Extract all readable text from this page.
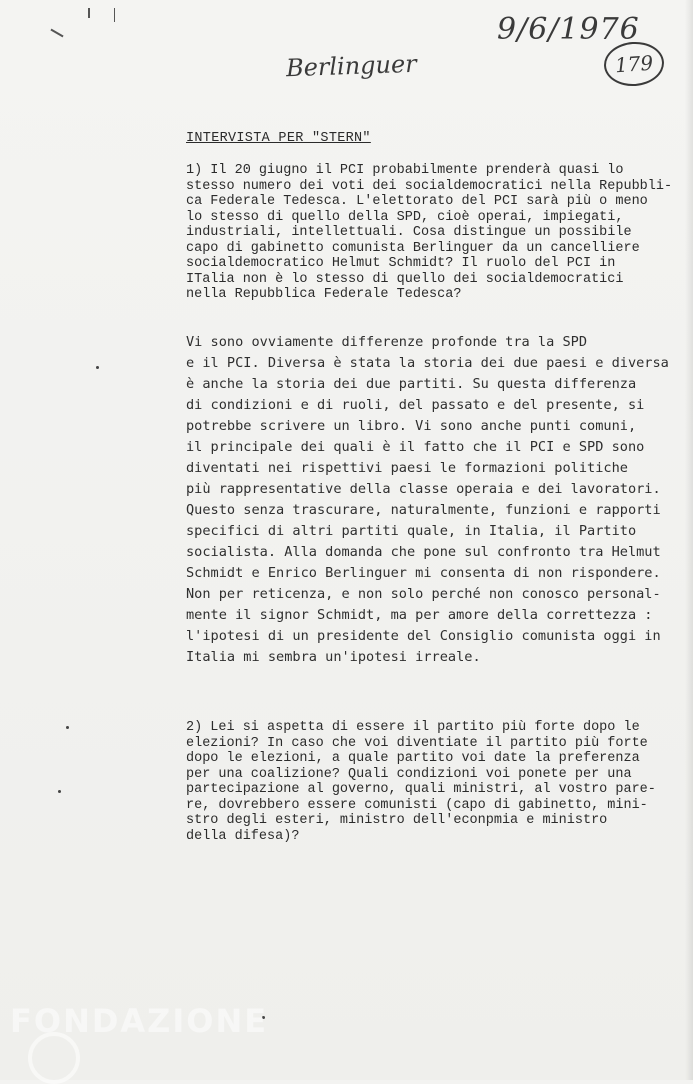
9/6/1976
Berlinguer	179
INTERVISTA PER "STERN"

1) Il 20 giugno il PCI probabilmente prenderà quasi lo
stesso numero dei voti dei socialdemocratici nella Repubbli-
ca Federale Tedesca. L'elettorato del PCI sarà più o meno
lo stesso di quello della SPD, cioè operai, impiegati,
industriali, intellettuali. Cosa distingue un possibile
capo di gabinetto comunista Berlinguer da un cancelliere
socialdemocratico Helmut Schmidt? Il ruolo del PCI in
ITalia non è lo stesso di quello dei socialdemocratici
nella Repubblica Federale Tedesca?

Vi sono ovviamente differenze profonde tra la SPD
e il PCI. Diversa è stata la storia dei due paesi e diversa
è anche la storia dei due partiti. Su questa differenza
di condizioni e di ruoli, del passato e del presente, si
potrebbe scrivere un libro. Vi sono anche punti comuni,
il principale dei quali è il fatto che il PCI e SPD sono
diventati nei rispettivi paesi le formazioni politiche
più rappresentative della classe operaia e dei lavoratori.
Questo senza trascurare, naturalmente, funzioni e rapporti
specifici di altri partiti quale, in Italia, il Partito
socialista. Alla domanda che pone sul confronto tra Helmut
Schmidt e Enrico Berlinguer mi consenta di non rispondere.
Non per reticenza, e non solo perché non conosco personal-
mente il signor Schmidt, ma per amore della correttezza :
l'ipotesi di un presidente del Consiglio comunista oggi in
Italia mi sembra un'ipotesi irreale.

2) Lei si aspetta di essere il partito più forte dopo le
elezioni? In caso che voi diventiate il partito più forte
dopo le elezioni, a quale partito voi date la preferenza
per una coalizione? Quali condizioni voi ponete per una
partecipazione al governo, quali ministri, al vostro pare-
re, dovrebbero essere comunisti (capo di gabinetto, mini-
stro degli esteri, ministro dell'econpmia e ministro
della difesa)?

FONDAZIONE
